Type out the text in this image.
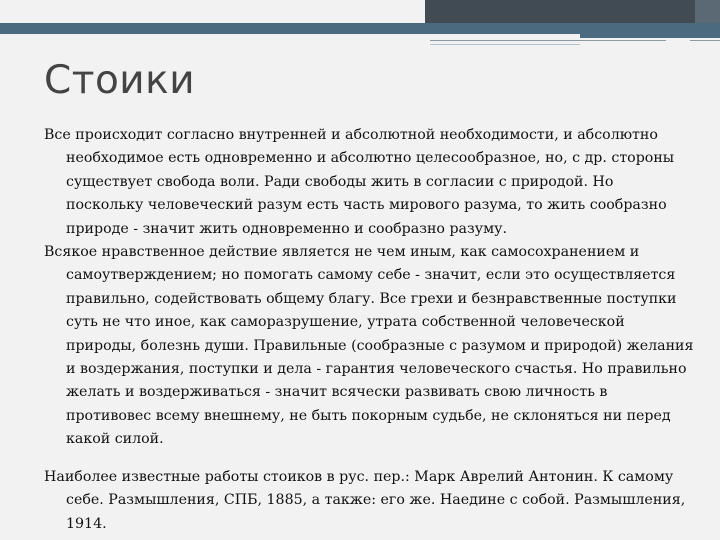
Стоики

Все происходит согласно внутренней и абсолютной необходимости, и абсолютно необходимое есть одновременно и абсолютно целесообразное, но, с др. стороны существует свобода воли. Ради свободы жить в согласии с природой. Но поскольку человеческий разум есть часть мирового разума, то жить сообразно природе - значит жить одновременно и сообразно разуму.

Всякое нравственное действие является не чем иным, как самосохранением и самоутверждением; но помогать самому себе - значит, если это осуществляется правильно, содействовать общему благу. Все грехи и безнравственные поступки суть не что иное, как саморазрушение, утрата собственной человеческой природы, болезнь души. Правильные (сообразные с разумом и природой) желания и воздержания, поступки и дела - гарантия человеческого счастья. Но правильно желать и воздерживаться - значит всячески развивать свою личность в противовес всему внешнему, не быть покорным судьбе, не склоняться ни перед какой силой.

Наиболее известные работы стоиков в рус. пер.: Марк Аврелий Антонин. К самому себе. Размышления, СПБ, 1885, а также: его же. Наедине с собой. Размышления, 1914.
